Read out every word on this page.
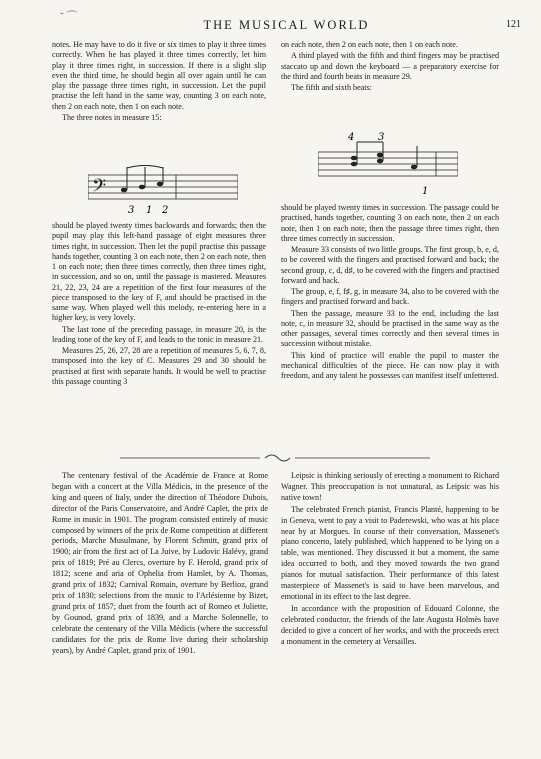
˘ ⌒
THE MUSICAL WORLD	121

notes. He may have to do it five or six times to play it three times correctly. When he has played it three times correctly, let him play it three times right, in succession. If there is a slight slip even the third time, he should begin all over again until he can play the passage three times right, in succession. Let the pupil practise the left hand in the same way, counting 3 on each note, then 2 on each note, then 1 on each note.

The three notes in measure 15:

𝄢
3 1 2

should be played twenty times backwards and forwards; then the pupil may play this left-hand passage of eight measures three times right, in succession. Then let the pupil practise this passage hands together, counting 3 on each note, then 2 on each note, then 1 on each note; then three times correctly, then three times right, in succession, and so on, until the passage is mastered. Measures 21, 22, 23, 24 are a repetition of the first four measures of the piece transposed to the key of F, and should be practised in the same way. When played well this melody, re-entering here in a higher key, is very lovely.

The last tone of the preceding passage, in measure 20, is the leading tone of the key of F, and leads to the tonic in measure 21.

Measures 25, 26, 27, 28 are a repetition of measures 5, 6, 7, 8, transposed into the key of C. Measures 29 and 30 should be practised at first with separate hands. It would be well to practise this passage counting 3

on each note, then 2 on each note, then 1 on each note.

A third played with the fifth and third fingers may be practised staccato up and down the keyboard — a preparatory exercise for the third and fourth beats in measure 29.

The fifth and sixth beats:

4 3
1

should be played twenty times in succession. The passage could be practised, hands together, counting 3 on each note, then 2 on each note, then 1 on each note, then the passage three times right, then three times correctly in succession.

Measure 33 consists of two little groups. The first group, b, e, d, to be covered with the fingers and practised forward and back; the second group, c, d, d♯, to be covered with the fingers and practised forward and back.

The group, e, f, f♯, g, in measure 34, also to be covered with the fingers and practised forward and back.

Then the passage, measure 33 to the end, including the last note, c, in measure 32, should be practised in the same way as the other passages, several times correctly and then several times in succession without mistake.

This kind of practice will enable the pupil to master the mechanical difficulties of the piece. He can now play it with freedom, and any talent he possesses can manifest itself unfettered.

The centenary festival of the Académie de France at Rome began with a concert at the Villa Médicis, in the presence of the king and queen of Italy, under the direction of Théodore Dubois, director of the Paris Conservatoire, and André Caplet, the prix de Rome in music in 1901. The program consisted entirely of music composed by winners of the prix de Rome competition at different periods, Marche Musulmane, by Florent Schmitt, grand prix of 1900; air from the first act of La Juive, by Ludovic Halévy, grand prix of 1819; Pré au Clercs, overture by F. Herold, grand prix of 1812; scene and aria of Ophelia from Hamlet, by A. Thomas, grand prix of 1832; Carnival Romain, overture by Berlioz, grand prix of 1830; selections from the music to l'Arlésienne by Bizet, grand prix of 1857; duet from the fourth act of Romeo et Juliette, by Gounod, grand prix of 1839, and a Marche Solennelle, to celebrate the centenary of the Villa Médicis (where the successful candidates for the prix de Rome live during their scholarship years), by André Caplet, grand prix of 1901.

Leipsic is thinking seriously of erecting a monument to Richard Wagner. This preoccupation is not unnatural, as Leipsic was his native town!

The celebrated French pianist, Francis Planté, happening to be in Geneva, went to pay a visit to Paderewski, who was at his place near by at Morgues. In course of their conversation, Massenet's piano concerto, lately published, which happened to be lying on a table, was mentioned. They discussed it but a moment, the same idea occurred to both, and they moved towards the two grand pianos for mutual satisfaction. Their performance of this latest masterpiece of Massenet's is said to have been marvelous, and emotional in its effect to the last degree.

In accordance with the proposition of Edouard Colonne, the celebrated conductor, the friends of the late Augusta Holmès have decided to give a concert of her works, and with the proceeds erect a monument in the cemetery at Versailles.
